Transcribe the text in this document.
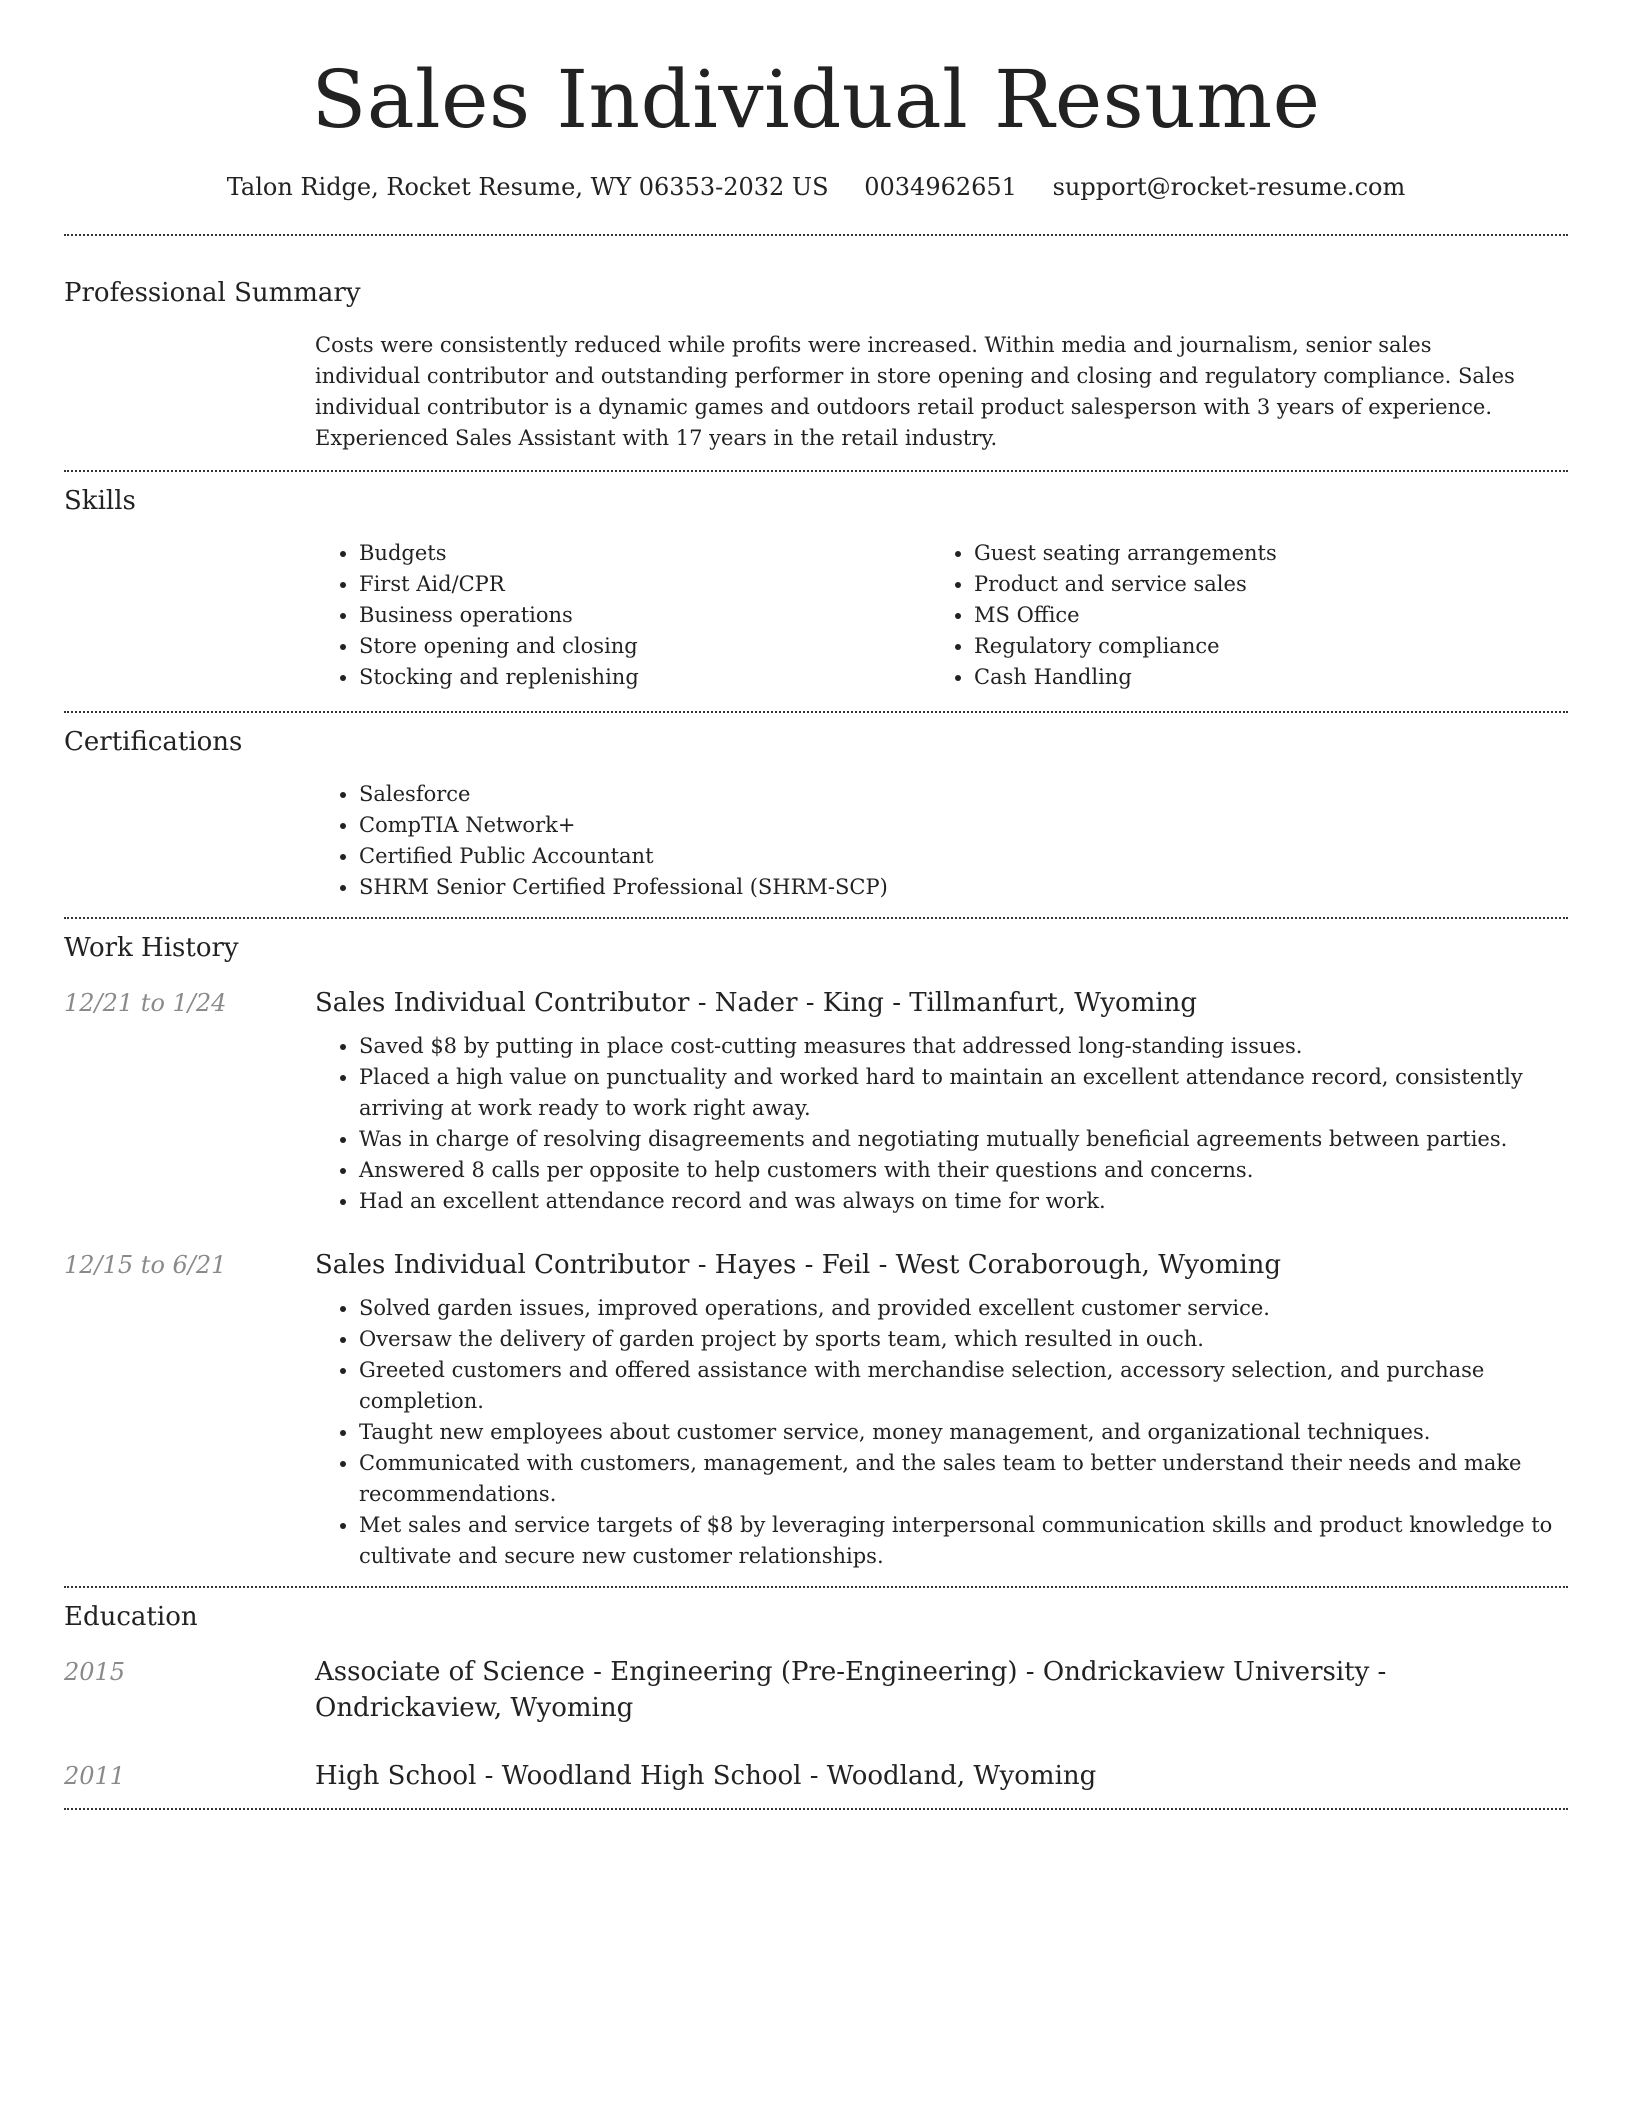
Sales Individual Resume
Talon Ridge, Rocket Resume, WY 06353-2032 US 0034962651 support@rocket-resume.com
Professional Summary
Costs were consistently reduced while profits were increased. Within media and journalism, senior sales individual contributor and outstanding performer in store opening and closing and regulatory compliance. Sales individual contributor is a dynamic games and outdoors retail product salesperson with 3 years of experience. Experienced Sales Assistant with 17 years in the retail industry.
Skills
• Budgets
• First Aid/CPR
• Business operations
• Store opening and closing
• Stocking and replenishing
• Guest seating arrangements
• Product and service sales
• MS Office
• Regulatory compliance
• Cash Handling
Certifications
• Salesforce
• CompTIA Network+
• Certified Public Accountant
• SHRM Senior Certified Professional (SHRM-SCP)
Work History
12/21 to 1/24	Sales Individual Contributor - Nader - King - Tillmanfurt, Wyoming
• Saved $8 by putting in place cost-cutting measures that addressed long-standing issues.
• Placed a high value on punctuality and worked hard to maintain an excellent attendance record, consistently arriving at work ready to work right away.
• Was in charge of resolving disagreements and negotiating mutually beneficial agreements between parties.
• Answered 8 calls per opposite to help customers with their questions and concerns.
• Had an excellent attendance record and was always on time for work.
12/15 to 6/21	Sales Individual Contributor - Hayes - Feil - West Coraborough, Wyoming
• Solved garden issues, improved operations, and provided excellent customer service.
• Oversaw the delivery of garden project by sports team, which resulted in ouch.
• Greeted customers and offered assistance with merchandise selection, accessory selection, and purchase completion.
• Taught new employees about customer service, money management, and organizational techniques.
• Communicated with customers, management, and the sales team to better understand their needs and make recommendations.
• Met sales and service targets of $8 by leveraging interpersonal communication skills and product knowledge to cultivate and secure new customer relationships.
Education
2015	Associate of Science - Engineering (Pre-Engineering) - Ondrickaview University - Ondrickaview, Wyoming
2011	High School - Woodland High School - Woodland, Wyoming
